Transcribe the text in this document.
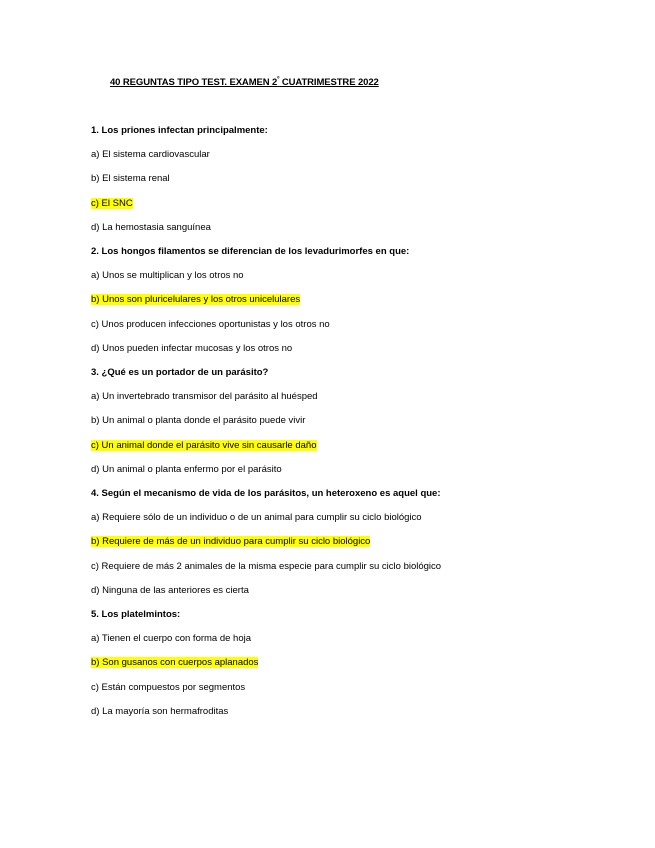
40 REGUNTAS TIPO TEST. EXAMEN $2^º$ CUATRIMESTRE 2022
1. Los priones infectan principalmente:
a) El sistema cardiovascular
b) El sistema renal
c) El SNC
d) La hemostasia sanguínea
2. Los hongos filamentos se diferencian de los levadurimorfes en que:
a) Unos se multiplican y los otros no
b) Unos son pluricelulares y los otros unicelulares
c) Unos producen infecciones oportunistas y los otros no
d) Unos pueden infectar mucosas y los otros no
3. ¿Qué es un portador de un parásito?
a) Un invertebrado transmisor del parásito al huésped
b) Un animal o planta donde el parásito puede vivir
c) Un animal donde el parásito vive sin causarle daño
d) Un animal o planta enfermo por el parásito
4. Según el mecanismo de vida de los parásitos, un heteroxeno es aquel que:
a) Requiere sólo de un individuo o de un animal para cumplir su ciclo biológico
b) Requiere de más de un individuo para cumplir su ciclo biológico
c) Requiere de más 2 animales de la misma especie para cumplir su ciclo biológico
d) Ninguna de las anteriores es cierta
5. Los platelmintos:
a) Tienen el cuerpo con forma de hoja
b) Son gusanos con cuerpos aplanados
c) Están compuestos por segmentos
d) La mayoría son hermafroditas
